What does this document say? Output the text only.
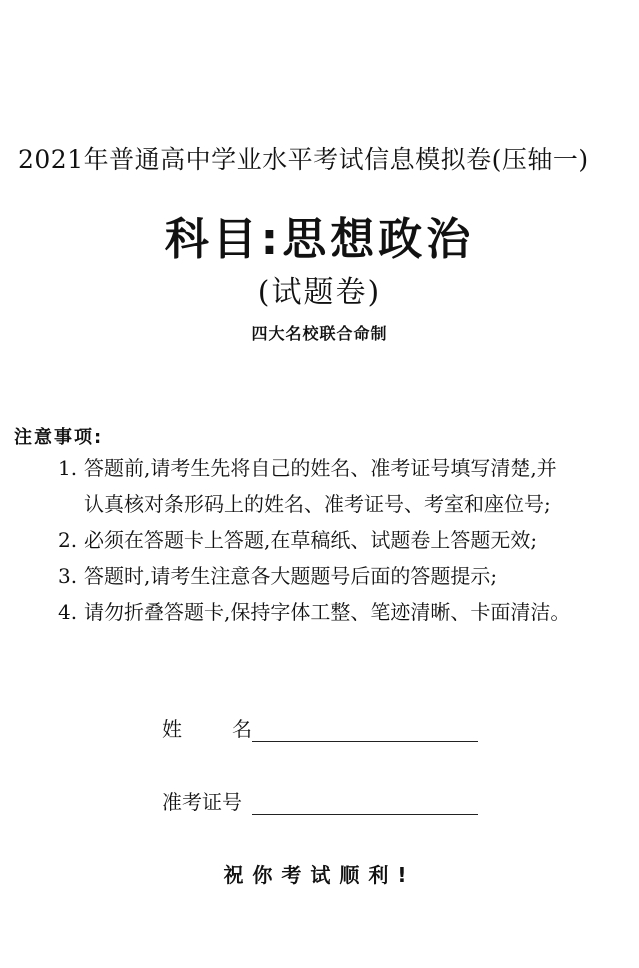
2021年普通高中学业水平考试信息模拟卷(压轴一)
科目:思想政治
(试题卷)
四大名校联合命制
注意事项:
1. 答题前,请考生先将自己的姓名、准考证号填写清楚,并
认真核对条形码上的姓名、准考证号、考室和座位号;
2. 必须在答题卡上答题,在草稿纸、试题卷上答题无效;
3. 答题时,请考生注意各大题题号后面的答题提示;
4. 请勿折叠答题卡,保持字体工整、笔迹清晰、卡面清洁。
姓	名
准考证号
祝你考试顺利!
